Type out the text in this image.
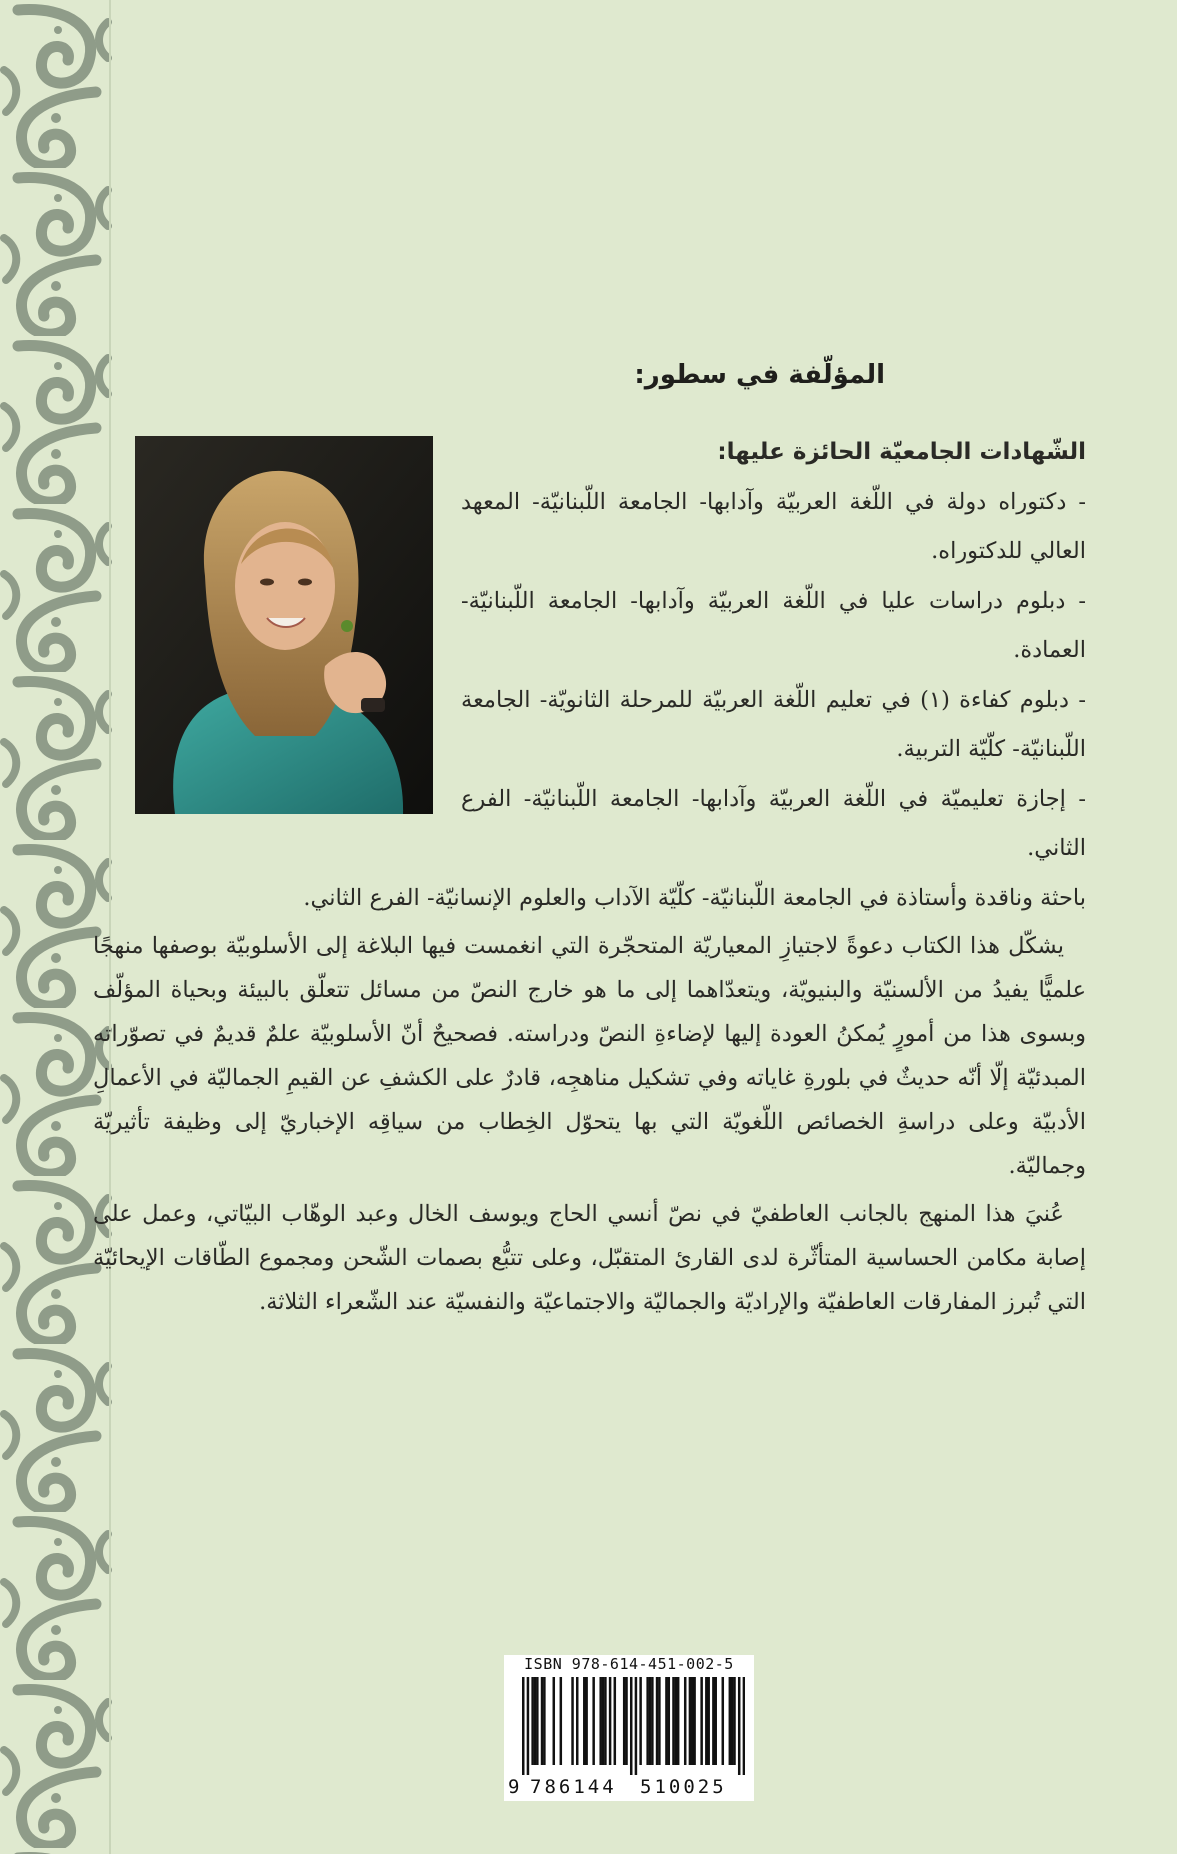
المؤلّفة في سطور:
الشّهادات الجامعيّة الحائزة عليها:
- دكتوراه دولة في اللّغة العربيّة وآدابها- الجامعة اللّبنانيّة- المعهد العالي للدكتوراه.
- دبلوم دراسات عليا في اللّغة العربيّة وآدابها- الجامعة اللّبنانيّة- العمادة.
- دبلوم كفاءة (١) في تعليم اللّغة العربيّة للمرحلة الثانويّة- الجامعة اللّبنانيّة- كلّيّة التربية.
- إجازة تعليميّة في اللّغة العربيّة وآدابها- الجامعة اللّبنانيّة- الفرع الثاني.

باحثة وناقدة وأستاذة في الجامعة اللّبنانيّة- كلّيّة الآداب والعلوم الإنسانيّة- الفرع الثاني.

يشكّل هذا الكتاب دعوةً لاجتيازِ المعياريّة المتحجّرة التي انغمست فيها البلاغة إلى الأسلوبيّة بوصفها منهجًا علميًّا يفيدُ من الألسنيّة والبنيويّة، ويتعدّاهما إلى ما هو خارج النصّ من مسائل تتعلّق بالبيئة وبحياة المؤلّف وبسوى هذا من أمورٍ يُمكنُ العودة إليها لإضاءةِ النصّ ودراسته. فصحيحٌ أنّ الأسلوبيّة علمٌ قديمٌ في تصوّراته المبدئيّة إلّا أنّه حديثٌ في بلورةِ غاياته وفي تشكيل مناهجِه، قادرٌ على الكشفِ عن القيمِ الجماليّة في الأعمالِ الأدبيّة وعلى دراسةِ الخصائص اللّغويّة التي بها يتحوّل الخِطاب من سياقِه الإخباريّ إلى وظيفة تأثيريّة وجماليّة.

عُنيَ هذا المنهج بالجانب العاطفيّ في نصّ أنسي الحاج ويوسف الخال وعبد الوهّاب البيّاتي، وعمل على إصابة مكامن الحساسية المتأثّرة لدى القارئ المتقبّل، وعلى تتبُّع بصمات الشّحن ومجموع الطّاقات الإيحائيّة التي تُبرز المفارقات العاطفيّة والإراديّة والجماليّة والاجتماعيّة والنفسيّة عند الشّعراء الثلاثة.

ISBN 978-614-451-002-5
9 786144 510025
